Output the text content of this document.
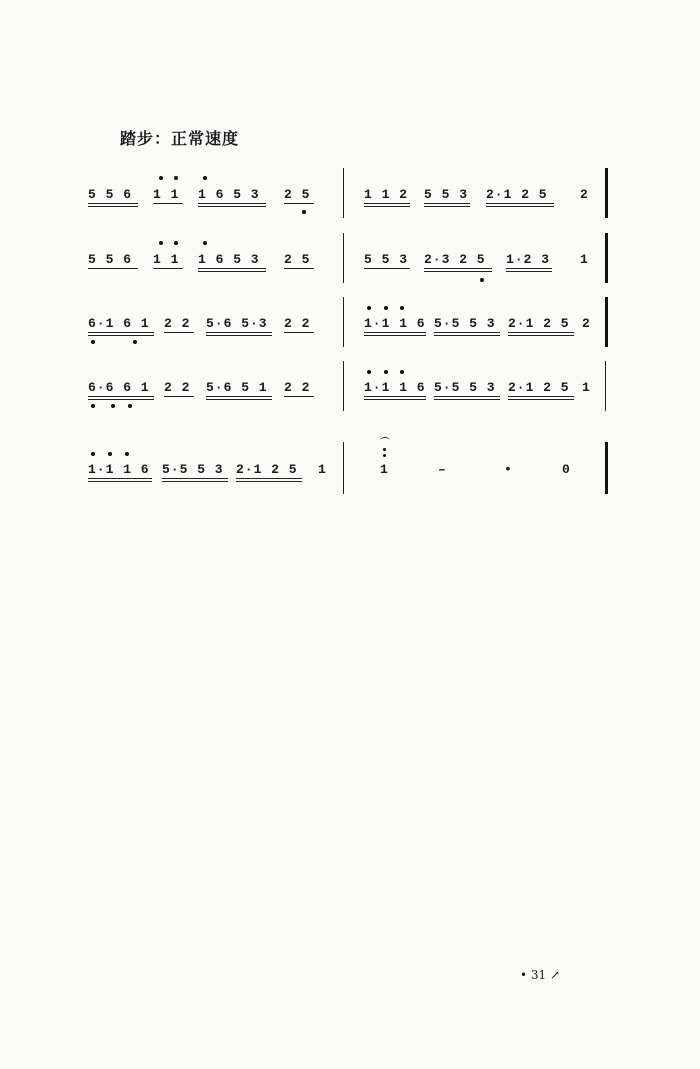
踏步：正常速度
5 5 6 1 1 1 6 5 3 2 5	1 1 2 5 5 3 2·1 2 5 2
5 5 6 1 1 1 6 5 3 2 5	5 5 3 2·3 2 5 1·2 3 1
6·1 6 1 2 2 5·6 5·3 2 2	1·1 1 6 5·5 5 3 2·1 2 5 2
6·6 6 1 2 2 5·6 5 1 2 2	1·1 1 6 5·5 5 3 2·1 2 5 1
1·1 1 6 5·5 5 3 2·1 2 5 1	1	–	•	0
• 31 ↗
